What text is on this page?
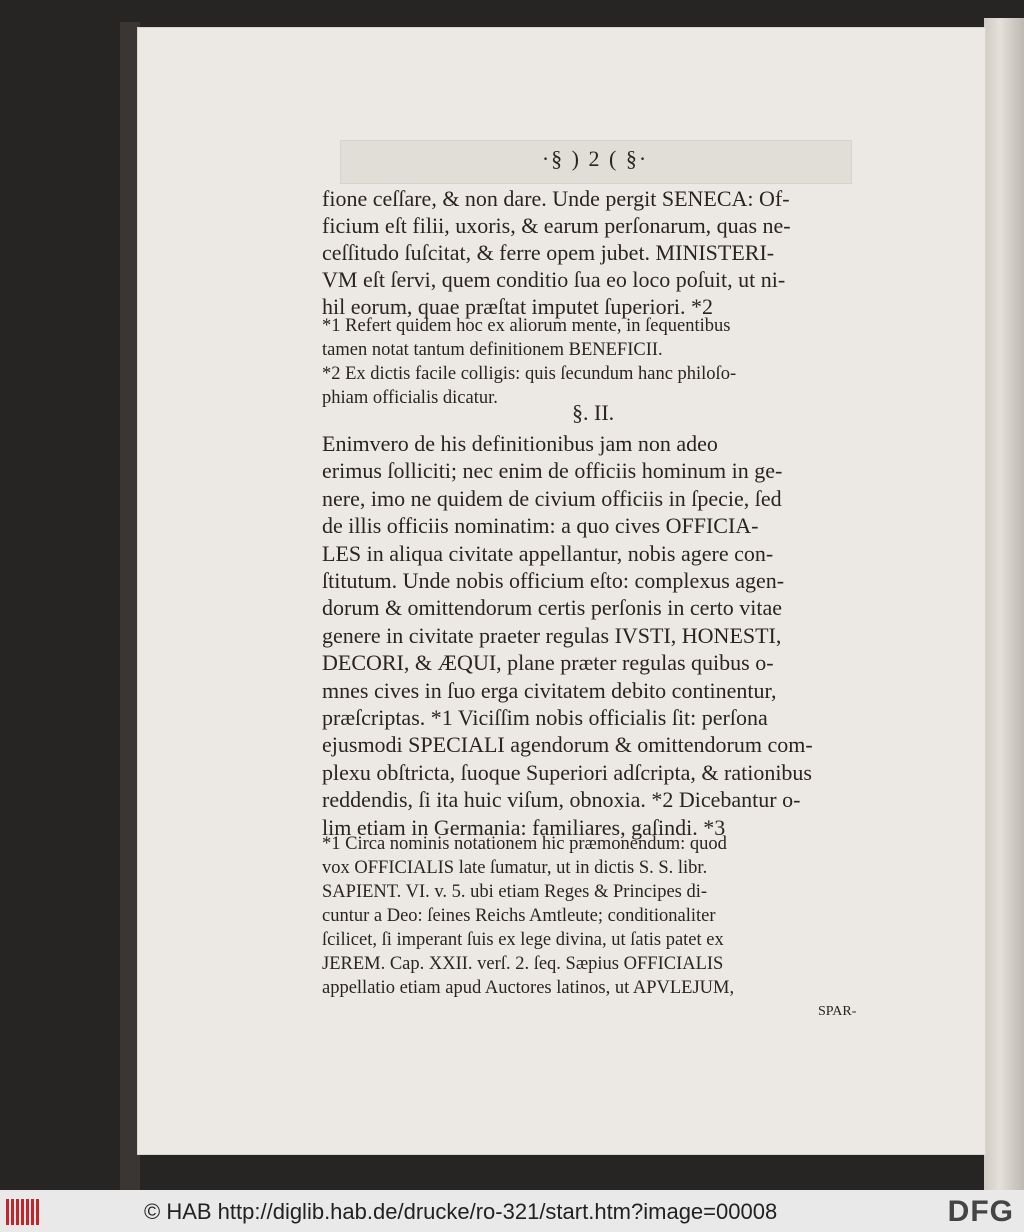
·§ ) 2 ( §·
fione ceſſare, & non dare. Unde pergit SENECA: Of-
ficium eſt filii, uxoris, & earum perſonarum, quas ne-
ceſſitudo ſuſcitat, & ferre opem jubet. MINISTERI-
VM eſt ſervi, quem conditio ſua eo loco poſuit, ut ni-
hil eorum, quae præſtat imputet ſuperiori. *2
*1 Refert quidem hoc ex aliorum mente, in ſequentibus
tamen notat tantum definitionem BENEFICII.
*2 Ex dictis facile colligis: quis ſecundum hanc philoſo-
phiam officialis dicatur.
§. II.
Enimvero de his definitionibus jam non adeo
erimus ſolliciti; nec enim de officiis hominum in ge-
nere, imo ne quidem de civium officiis in ſpecie, ſed
de illis officiis nominatim: a quo cives OFFICIA-
LES in aliqua civitate appellantur, nobis agere con-
ſtitutum. Unde nobis officium eſto: complexus agen-
dorum & omittendorum certis perſonis in certo vitae
genere in civitate praeter regulas IVSTI, HONESTI,
DECORI, & ÆQUI, plane præter regulas quibus o-
mnes cives in ſuo erga civitatem debito continentur,
præſcriptas. *1 Viciſſim nobis officialis ſit: perſona
ejusmodi SPECIALI agendorum & omittendorum com-
plexu obſtricta, ſuoque Superiori adſcripta, & rationibus
reddendis, ſi ita huic viſum, obnoxia. *2 Dicebantur o-
lim etiam in Germania: familiares, gaſindi. *3
*1 Circa nominis notationem hic præmonendum: quod
vox OFFICIALIS late ſumatur, ut in dictis S. S. libr.
SAPIENT. VI. v. 5. ubi etiam Reges & Principes di-
cuntur a Deo: ſeines Reichs Amtleute; conditionaliter
ſcilicet, ſi imperant ſuis ex lege divina, ut ſatis patet ex
JEREM. Cap. XXII. verſ. 2. ſeq. Sæpius OFFICIALIS
appellatio etiam apud Auctores latinos, ut APVLEJUM,
SPAR-
© HAB http://diglib.hab.de/drucke/ro-321/start.htm?image=00008	DFG
